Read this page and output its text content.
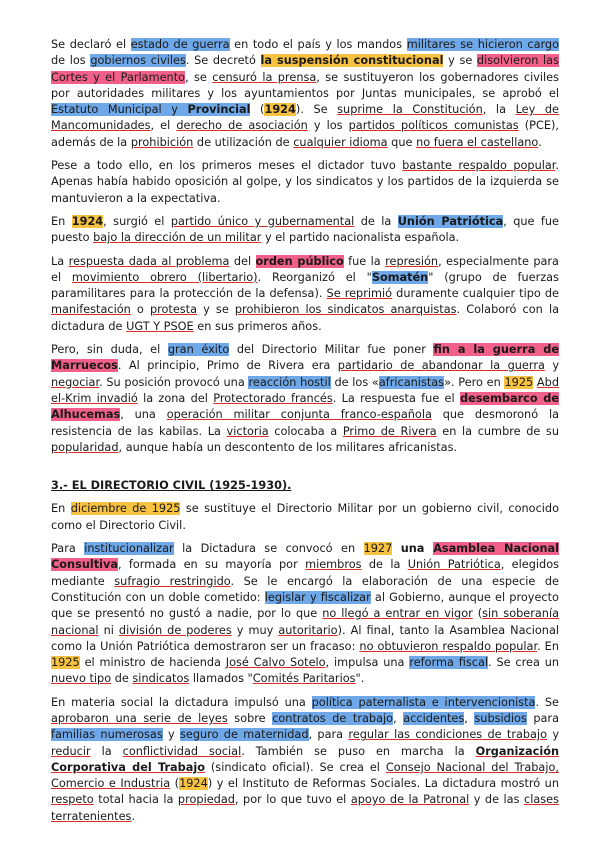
Se declaró el estado de guerra en todo el país y los mandos militares se hicieron cargo de los gobiernos civiles. Se decretó la suspensión constitucional y se disolvieron las Cortes y el Parlamento, se censuró la prensa, se sustituyeron los gobernadores civiles por autoridades militares y los ayuntamientos por Juntas municipales, se aprobó el Estatuto Municipal y Provincial (1924). Se suprime la Constitución, la Ley de Mancomunidades, el derecho de asociación y los partidos políticos comunistas (PCE), además de la prohibición de utilización de cualquier idioma que no fuera el castellano.

Pese a todo ello, en los primeros meses el dictador tuvo bastante respaldo popular. Apenas había habido oposición al golpe, y los sindicatos y los partidos de la izquierda se mantuvieron a la expectativa.

En 1924, surgió el partido único y gubernamental de la Unión Patriótica, que fue puesto bajo la dirección de un militar y el partido nacionalista española.

La respuesta dada al problema del orden público fue la represión, especialmente para el movimiento obrero (libertario). Reorganizó el "Somatén" (grupo de fuerzas paramilitares para la protección de la defensa). Se reprimió duramente cualquier tipo de manifestación o protesta y se prohibieron los sindicatos anarquistas. Colaboró con la dictadura de UGT Y PSOE en sus primeros años.

Pero, sin duda, el gran éxito del Directorio Militar fue poner fin a la guerra de Marruecos. Al principio, Primo de Rivera era partidario de abandonar la guerra y negociar. Su posición provocó una reacción hostil de los «africanistas». Pero en 1925 Abd el-Krim invadió la zona del Protectorado francés. La respuesta fue el desembarco de Alhucemas, una operación militar conjunta franco-española que desmoronó la resistencia de las kabilas. La victoria colocaba a Primo de Rivera en la cumbre de su popularidad, aunque había un descontento de los militares africanistas.

3.- EL DIRECTORIO CIVIL (1925-1930).

En diciembre de 1925 se sustituye el Directorio Militar por un gobierno civil, conocido como el Directorio Civil.

Para institucionalizar la Dictadura se convocó en 1927 una Asamblea Nacional Consultiva, formada en su mayoría por miembros de la Unión Patriótica, elegidos mediante sufragio restringido. Se le encargó la elaboración de una especie de Constitución con un doble cometido: legislar y fiscalizar al Gobierno, aunque el proyecto que se presentó no gustó a nadie, por lo que no llegó a entrar en vigor (sin soberanía nacional ni división de poderes y muy autoritario). Al final, tanto la Asamblea Nacional como la Unión Patriótica demostraron ser un fracaso: no obtuvieron respaldo popular. En 1925 el ministro de hacienda José Calvo Sotelo, impulsa una reforma fiscal. Se crea un nuevo tipo de sindicatos llamados "Comités Paritarios".

En materia social la dictadura impulsó una política paternalista e intervencionista. Se aprobaron una serie de leyes sobre contratos de trabajo, accidentes, subsidios para familias numerosas y seguro de maternidad, para regular las condiciones de trabajo y reducir la conflictividad social. También se puso en marcha la Organización Corporativa del Trabajo (sindicato oficial). Se crea el Consejo Nacional del Trabajo, Comercio e Industria (1924) y el Instituto de Reformas Sociales. La dictadura mostró un respeto total hacia la propiedad, por lo que tuvo el apoyo de la Patronal y de las clases terratenientes.
